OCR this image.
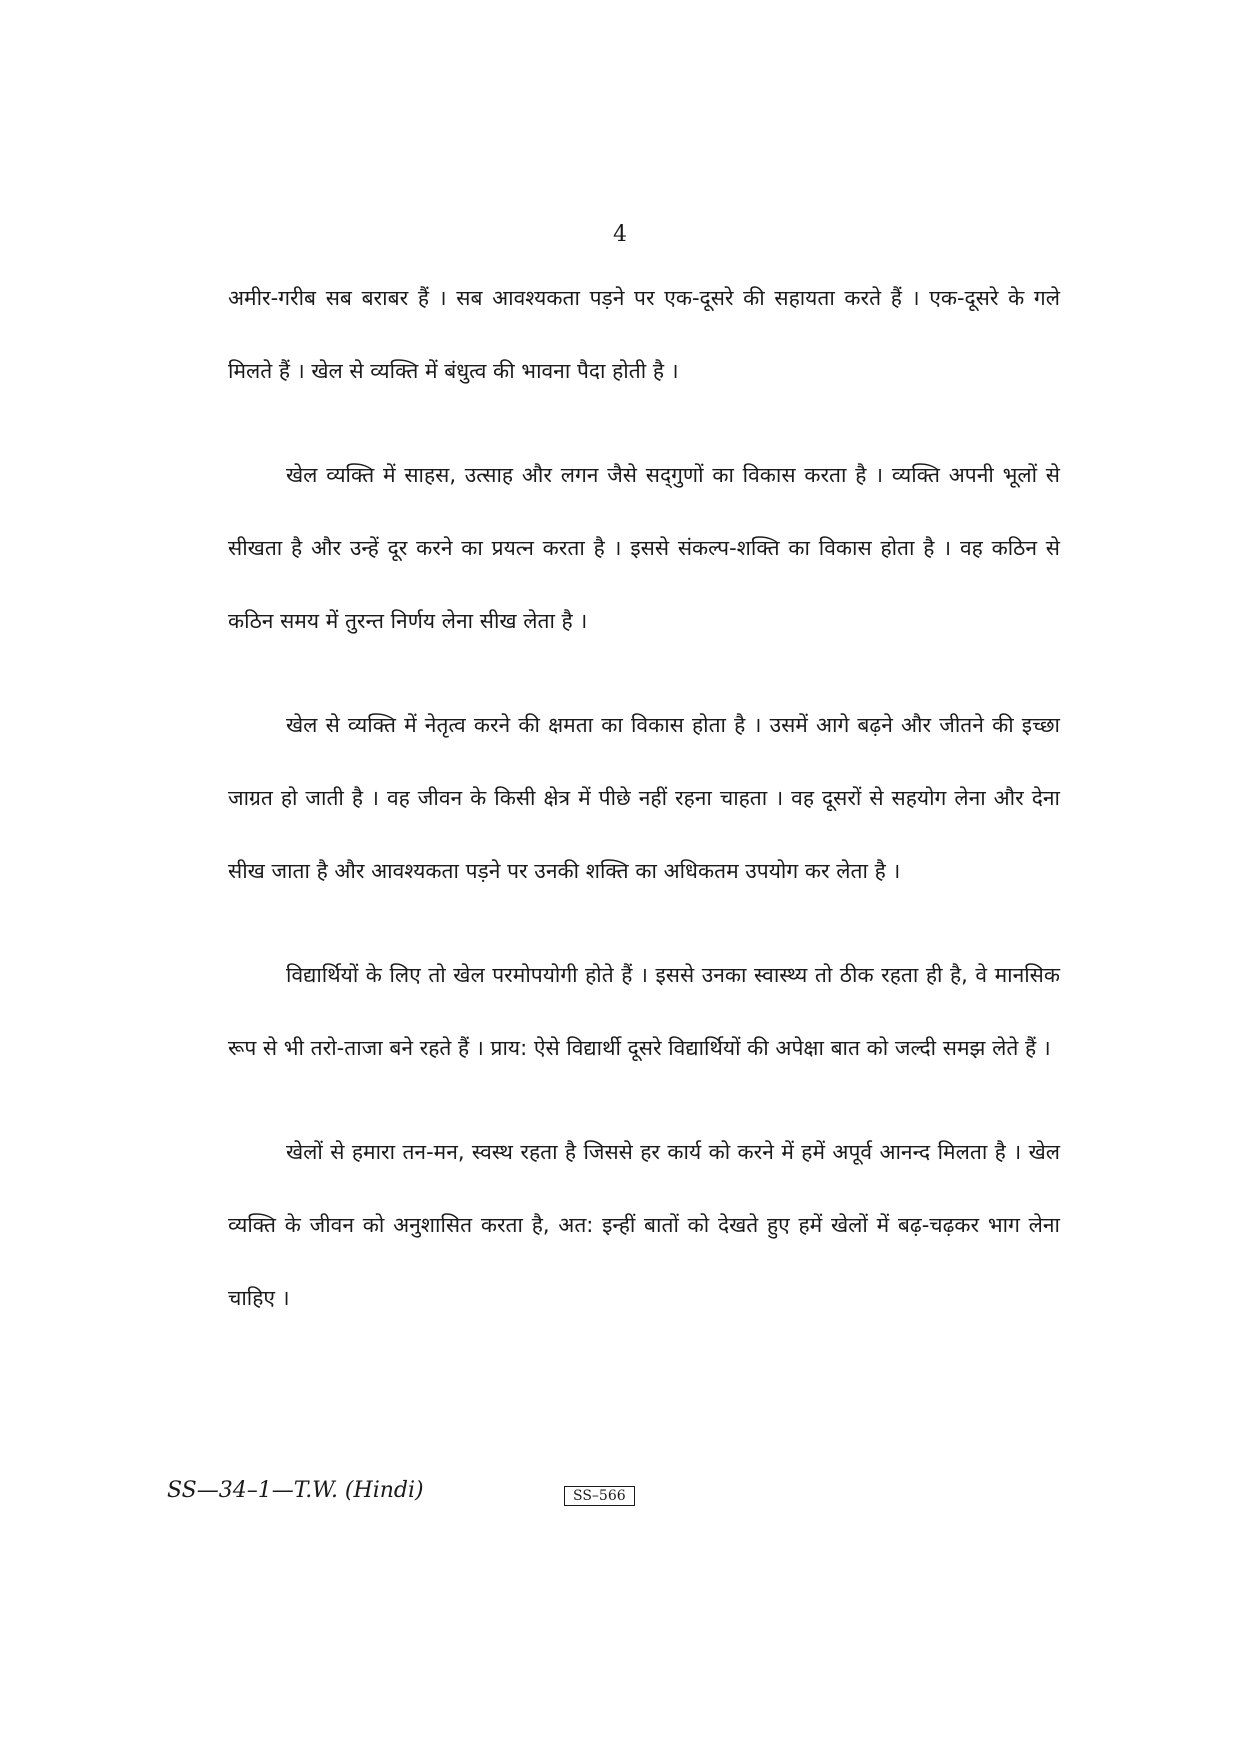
4

अमीर-गरीब सब बराबर हैं । सब आवश्यकता पड़ने पर एक-दूसरे की सहायता करते हैं । एक-दूसरे के गले मिलते हैं । खेल से व्यक्ति में बंधुत्व की भावना पैदा होती है ।

खेल व्यक्ति में साहस, उत्साह और लगन जैसे सद्‌गुणों का विकास करता है । व्यक्ति अपनी भूलों से सीखता है और उन्हें दूर करने का प्रयत्न करता है । इससे संकल्प-शक्ति का विकास होता है । वह कठिन से कठिन समय में तुरन्त निर्णय लेना सीख लेता है ।

खेल से व्यक्ति में नेतृत्व करने की क्षमता का विकास होता है । उसमें आगे बढ़ने और जीतने की इच्छा जाग्रत हो जाती है । वह जीवन के किसी क्षेत्र में पीछे नहीं रहना चाहता । वह दूसरों से सहयोग लेना और देना सीख जाता है और आवश्यकता पड़ने पर उनकी शक्ति का अधिकतम उपयोग कर लेता है ।

विद्यार्थियों के लिए तो खेल परमोपयोगी होते हैं । इससे उनका स्वास्थ्य तो ठीक रहता ही है, वे मानसिक रूप से भी तरो-ताजा बने रहते हैं । प्राय: ऐसे विद्यार्थी दूसरे विद्यार्थियों की अपेक्षा बात को जल्दी समझ लेते हैं ।

खेलों से हमारा तन-मन, स्वस्थ रहता है जिससे हर कार्य को करने में हमें अपूर्व आनन्द मिलता है । खेल व्यक्ति के जीवन को अनुशासित करता है, अत: इन्हीं बातों को देखते हुए हमें खेलों में बढ़-चढ़कर भाग लेना चाहिए ।

SS—34–1—T.W. (Hindi)	SS–566
